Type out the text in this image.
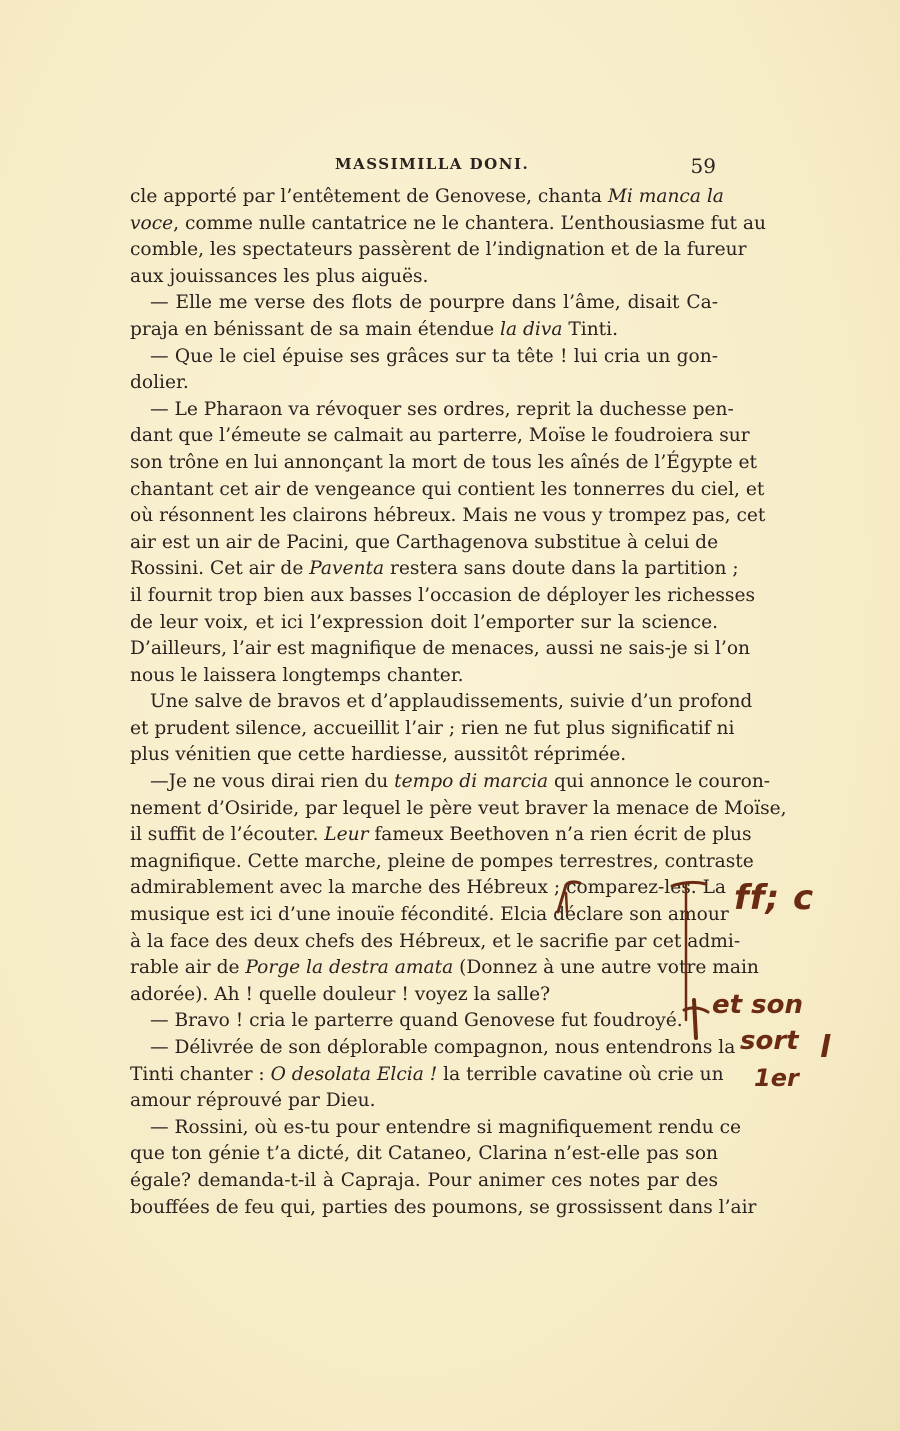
MASSIMILLA DONI.	59

cle apporté par l’entêtement de Genovese, chanta Mi manca la

voce, comme nulle cantatrice ne le chantera. L’enthousiasme fut au

comble, les spectateurs passèrent de l’indignation et de la fureur

aux jouissances les plus aiguës.

— Elle me verse des flots de pourpre dans l’âme, disait Ca-

praja en bénissant de sa main étendue la diva Tinti.

— Que le ciel épuise ses grâces sur ta tête ! lui cria un gon-

dolier.

— Le Pharaon va révoquer ses ordres, reprit la duchesse pen-

dant que l’émeute se calmait au parterre, Moïse le foudroiera sur

son trône en lui annonçant la mort de tous les aînés de l’Égypte et

chantant cet air de vengeance qui contient les tonnerres du ciel, et

où résonnent les clairons hébreux. Mais ne vous y trompez pas, cet

air est un air de Pacini, que Carthagenova substitue à celui de

Rossini. Cet air de Paventa restera sans doute dans la partition ;

il fournit trop bien aux basses l’occasion de déployer les richesses

de leur voix, et ici l’expression doit l’emporter sur la science.

D’ailleurs, l’air est magnifique de menaces, aussi ne sais-je si l’on

nous le laissera longtemps chanter.

Une salve de bravos et d’applaudissements, suivie d’un profond

et prudent silence, accueillit l’air ; rien ne fut plus significatif ni

plus vénitien que cette hardiesse, aussitôt réprimée.

—Je ne vous dirai rien du tempo di marcia qui annonce le couron-

nement d’Osiride, par lequel le père veut braver la menace de Moïse,

il suffit de l’écouter. Leur fameux Beethoven n’a rien écrit de plus

magnifique. Cette marche, pleine de pompes terrestres, contraste

admirablement avec la marche des Hébreux ; comparez-les. La

musique est ici d’une inouïe fécondité. Elcia déclare son amour

à la face des deux chefs des Hébreux, et le sacrifie par cet admi-

rable air de Porge la destra amata (Donnez à une autre votre main

adorée). Ah ! quelle douleur ! voyez la salle?

— Bravo ! cria le parterre quand Genovese fut foudroyé.

— Délivrée de son déplorable compagnon, nous entendrons la

Tinti chanter : O desolata Elcia ! la terrible cavatine où crie un

amour réprouvé par Dieu.

— Rossini, où es-tu pour entendre si magnifiquement rendu ce

que ton génie t’a dicté, dit Cataneo, Clarina n’est-elle pas son

égale? demanda-t-il à Capraja. Pour animer ces notes par des

bouffées de feu qui, parties des poumons, se grossissent dans l’air

ff; c
et son
sort l
1er
